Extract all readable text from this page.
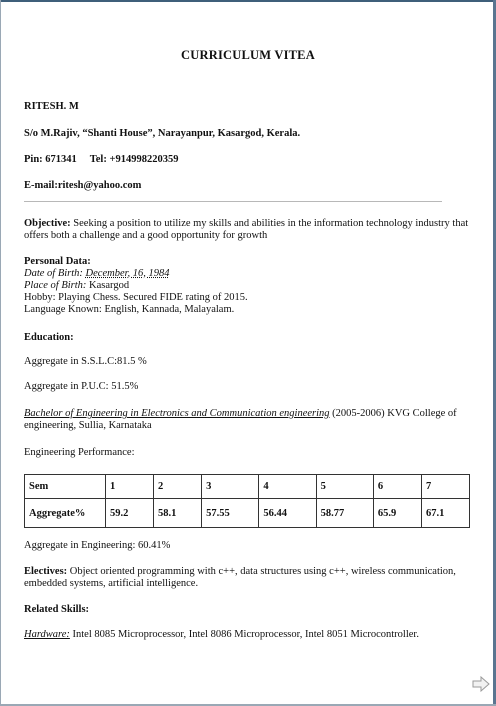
CURRICULUM VITEA
RITESH. M
S/o M.Rajiv, “Shanti House”, Narayanpur, Kasargod, Kerala.
Pin: 671341     Tel: +914998220359
E-mail:ritesh@yahoo.com
Objective: Seeking a position to utilize my skills and abilities in the information technology industry that offers both a challenge and a good opportunity for growth
Personal Data:
Date of Birth: December, 16, 1984
Place of Birth: Kasargod
Hobby: Playing Chess. Secured FIDE rating of 2015.
Language Known: English, Kannada, Malayalam.
Education:
Aggregate in S.S.L.C:81.5 %
Aggregate in P.U.C: 51.5%
Bachelor of Engineering in Electronics and Communication engineering (2005-2006) KVG College of engineering, Sullia, Karnataka
Engineering Performance:
Sem	1	2	3	4	5	6	7
Aggregate%	59.2	58.1	57.55	56.44	58.77	65.9	67.1
Aggregate in Engineering: 60.41%
Electives: Object oriented programming with c++, data structures using c++, wireless communication, embedded systems, artificial intelligence.
Related Skills:
Hardware: Intel 8085 Microprocessor, Intel 8086 Microprocessor, Intel 8051 Microcontroller.
